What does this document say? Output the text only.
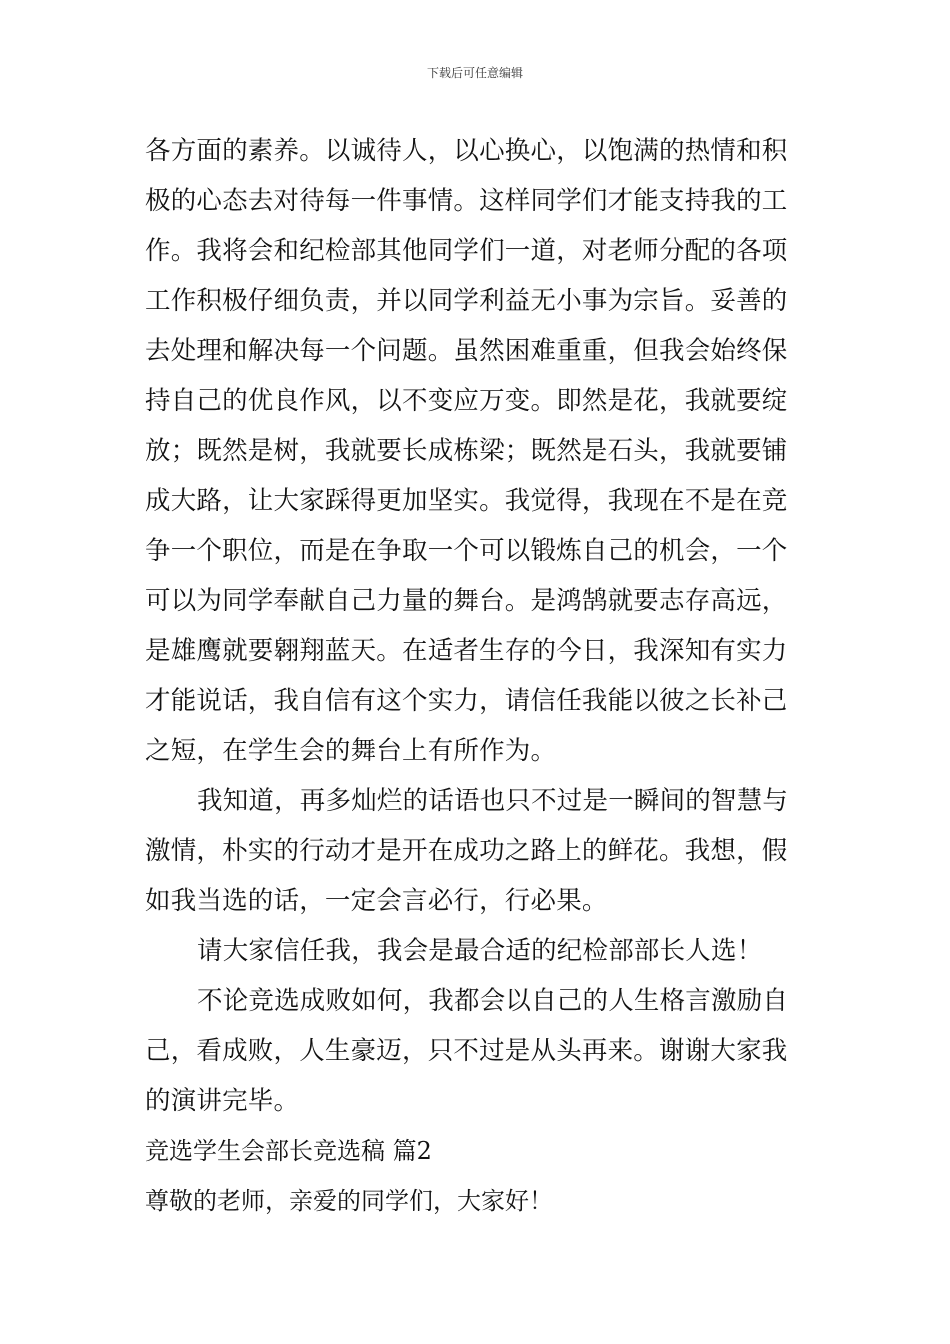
下载后可任意编辑
各方面的素养。以诚待人，以心换心，以饱满的热情和积
极的心态去对待每一件事情。这样同学们才能支持我的工
作。我将会和纪检部其他同学们一道，对老师分配的各项
工作积极仔细负责，并以同学利益无小事为宗旨。妥善的
去处理和解决每一个问题。虽然困难重重，但我会始终保
持自己的优良作风，以不变应万变。即然是花，我就要绽
放；既然是树，我就要长成栋梁；既然是石头，我就要铺
成大路，让大家踩得更加坚实。我觉得，我现在不是在竞
争一个职位，而是在争取一个可以锻炼自己的机会，一个
可以为同学奉献自己力量的舞台。是鸿鹄就要志存高远，
是雄鹰就要翱翔蓝天。在适者生存的今日，我深知有实力
才能说话，我自信有这个实力，请信任我能以彼之长补己
之短，在学生会的舞台上有所作为。
我知道，再多灿烂的话语也只不过是一瞬间的智慧与
激情，朴实的行动才是开在成功之路上的鲜花。我想，假
如我当选的话，一定会言必行，行必果。
请大家信任我，我会是最合适的纪检部部长人选！
不论竞选成败如何，我都会以自己的人生格言激励自
己，看成败，人生豪迈，只不过是从头再来。谢谢大家我
的演讲完毕。
竞选学生会部长竞选稿 篇2
尊敬的老师，亲爱的同学们，大家好！
